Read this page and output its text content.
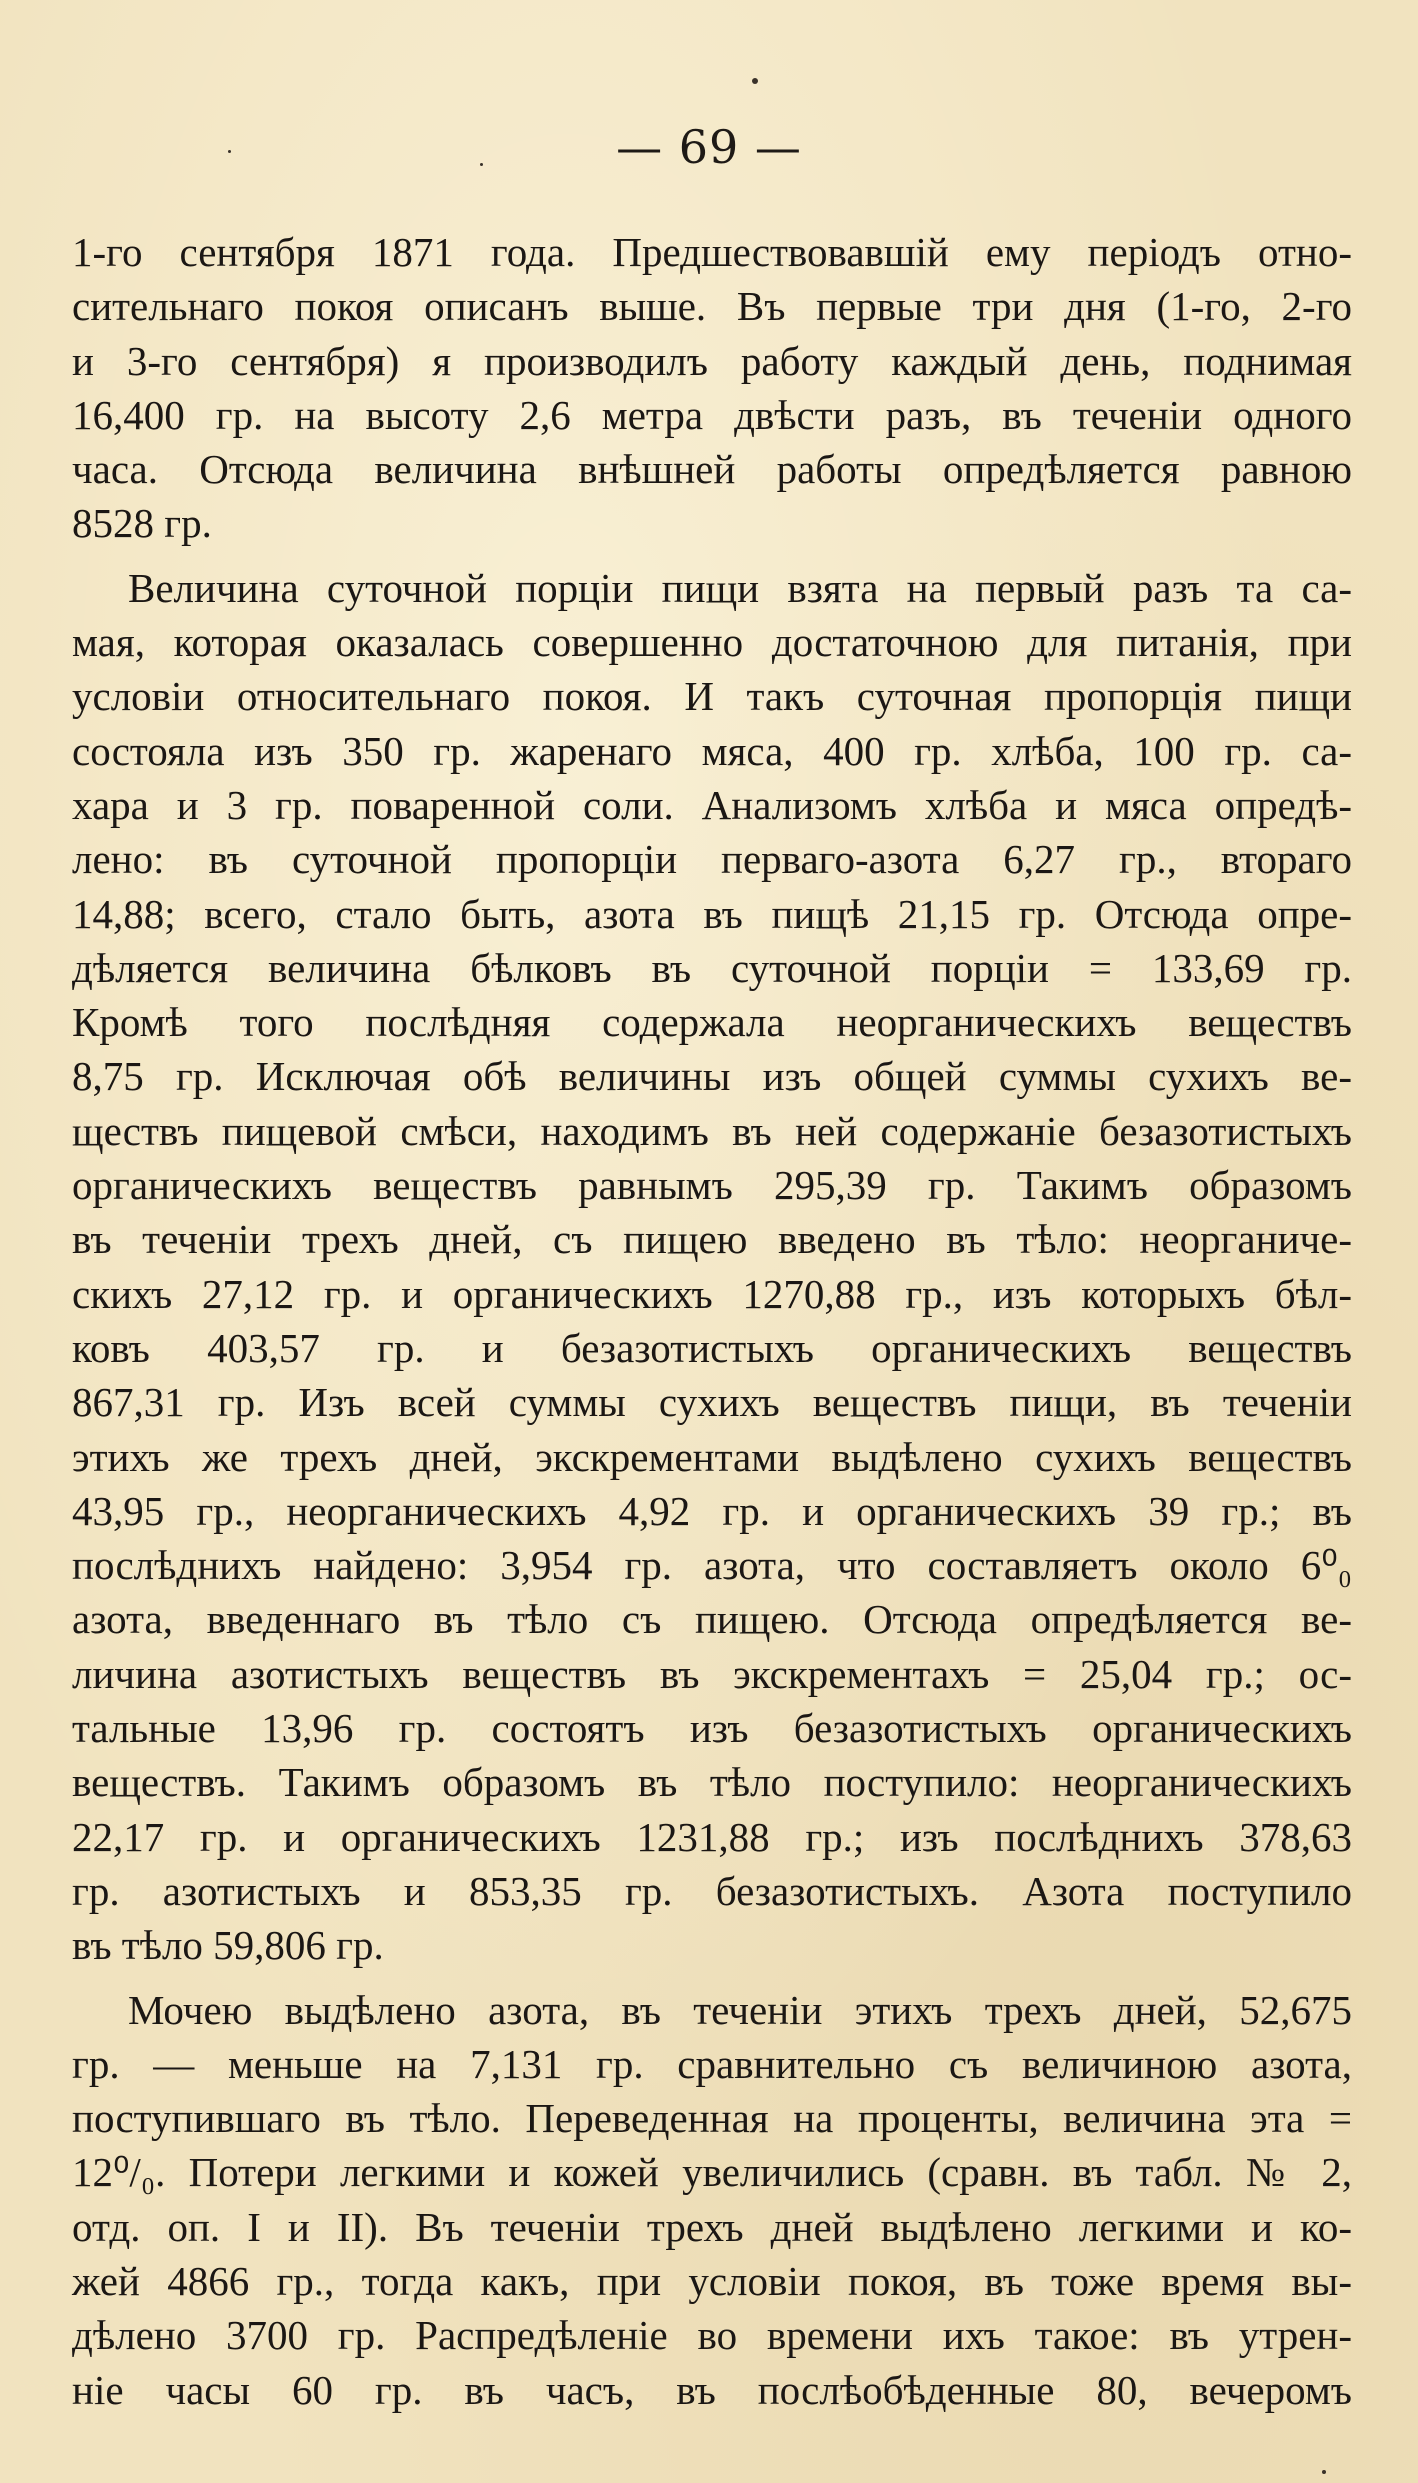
— 69 —
1-го сентября 1871 года. Предшествовавшій ему періодъ отно-
сительнаго покоя описанъ выше. Въ первые три дня (1-го, 2-го
и 3-го сентября) я производилъ работу каждый день, поднимая
16,400 гр. на высоту 2,6 метра двѣсти разъ, въ теченіи одного
часа. Отсюда величина внѣшней работы опредѣляется равною
8528 гр.
Величина суточной порціи пищи взята на первый разъ та са-
мая, которая оказалась совершенно достаточною для питанія, при
условіи относительнаго покоя. И такъ суточная пропорція пищи
состояла изъ 350 гр. жаренаго мяса, 400 гр. хлѣба, 100 гр. са-
хара и 3 гр. поваренной соли. Анализомъ хлѣба и мяса опредѣ-
лено: въ суточной пропорціи перваго-азота 6,27 гр., втораго
14,88; всего, стало быть, азота въ пищѣ 21,15 гр. Отсюда опре-
дѣляется величина бѣлковъ въ суточной порціи = 133,69 гр.
Кромѣ того послѣдняя содержала неорганическихъ веществъ
8,75 гр. Исключая обѣ величины изъ общей суммы сухихъ ве-
ществъ пищевой смѣси, находимъ въ ней содержаніе безазотистыхъ
органическихъ веществъ равнымъ 295,39 гр. Такимъ образомъ
въ теченіи трехъ дней, съ пищею введено въ тѣло: неорганиче-
скихъ 27,12 гр. и органическихъ 1270,88 гр., изъ которыхъ бѣл-
ковъ 403,57 гр. и безазотистыхъ органическихъ веществъ
867,31 гр. Изъ всей суммы сухихъ веществъ пищи, въ теченіи
этихъ же трехъ дней, экскрементами выдѣлено сухихъ веществъ
43,95 гр., неорганическихъ 4,92 гр. и органическихъ 39 гр.; въ
послѣднихъ найдено: 3,954 гр. азота, что составляетъ около 6⁰₀
азота, введеннаго въ тѣло съ пищею. Отсюда опредѣляется ве-
личина азотистыхъ веществъ въ экскрементахъ = 25,04 гр.; ос-
тальные 13,96 гр. состоятъ изъ безазотистыхъ органическихъ
веществъ. Такимъ образомъ въ тѣло поступило: неорганическихъ
22,17 гр. и органическихъ 1231,88 гр.; изъ послѣднихъ 378,63
гр. азотистыхъ и 853,35 гр. безазотистыхъ. Азота поступило
въ тѣло 59,806 гр.
Мочею выдѣлено азота, въ теченіи этихъ трехъ дней, 52,675
гр. — меньше на 7,131 гр. сравнительно съ величиною азота,
поступившаго въ тѣло. Переведенная на проценты, величина эта =
12⁰/₀. Потери легкими и кожей увеличились (сравн. въ табл. № 2,
отд. оп. I и II). Въ теченіи трехъ дней выдѣлено легкими и ко-
жей 4866 гр., тогда какъ, при условіи покоя, въ тоже время вы-
дѣлено 3700 гр. Распредѣленіе во времени ихъ такое: въ утрен-
ніе часы 60 гр. въ часъ, въ послѣобѣденные 80, вечеромъ
